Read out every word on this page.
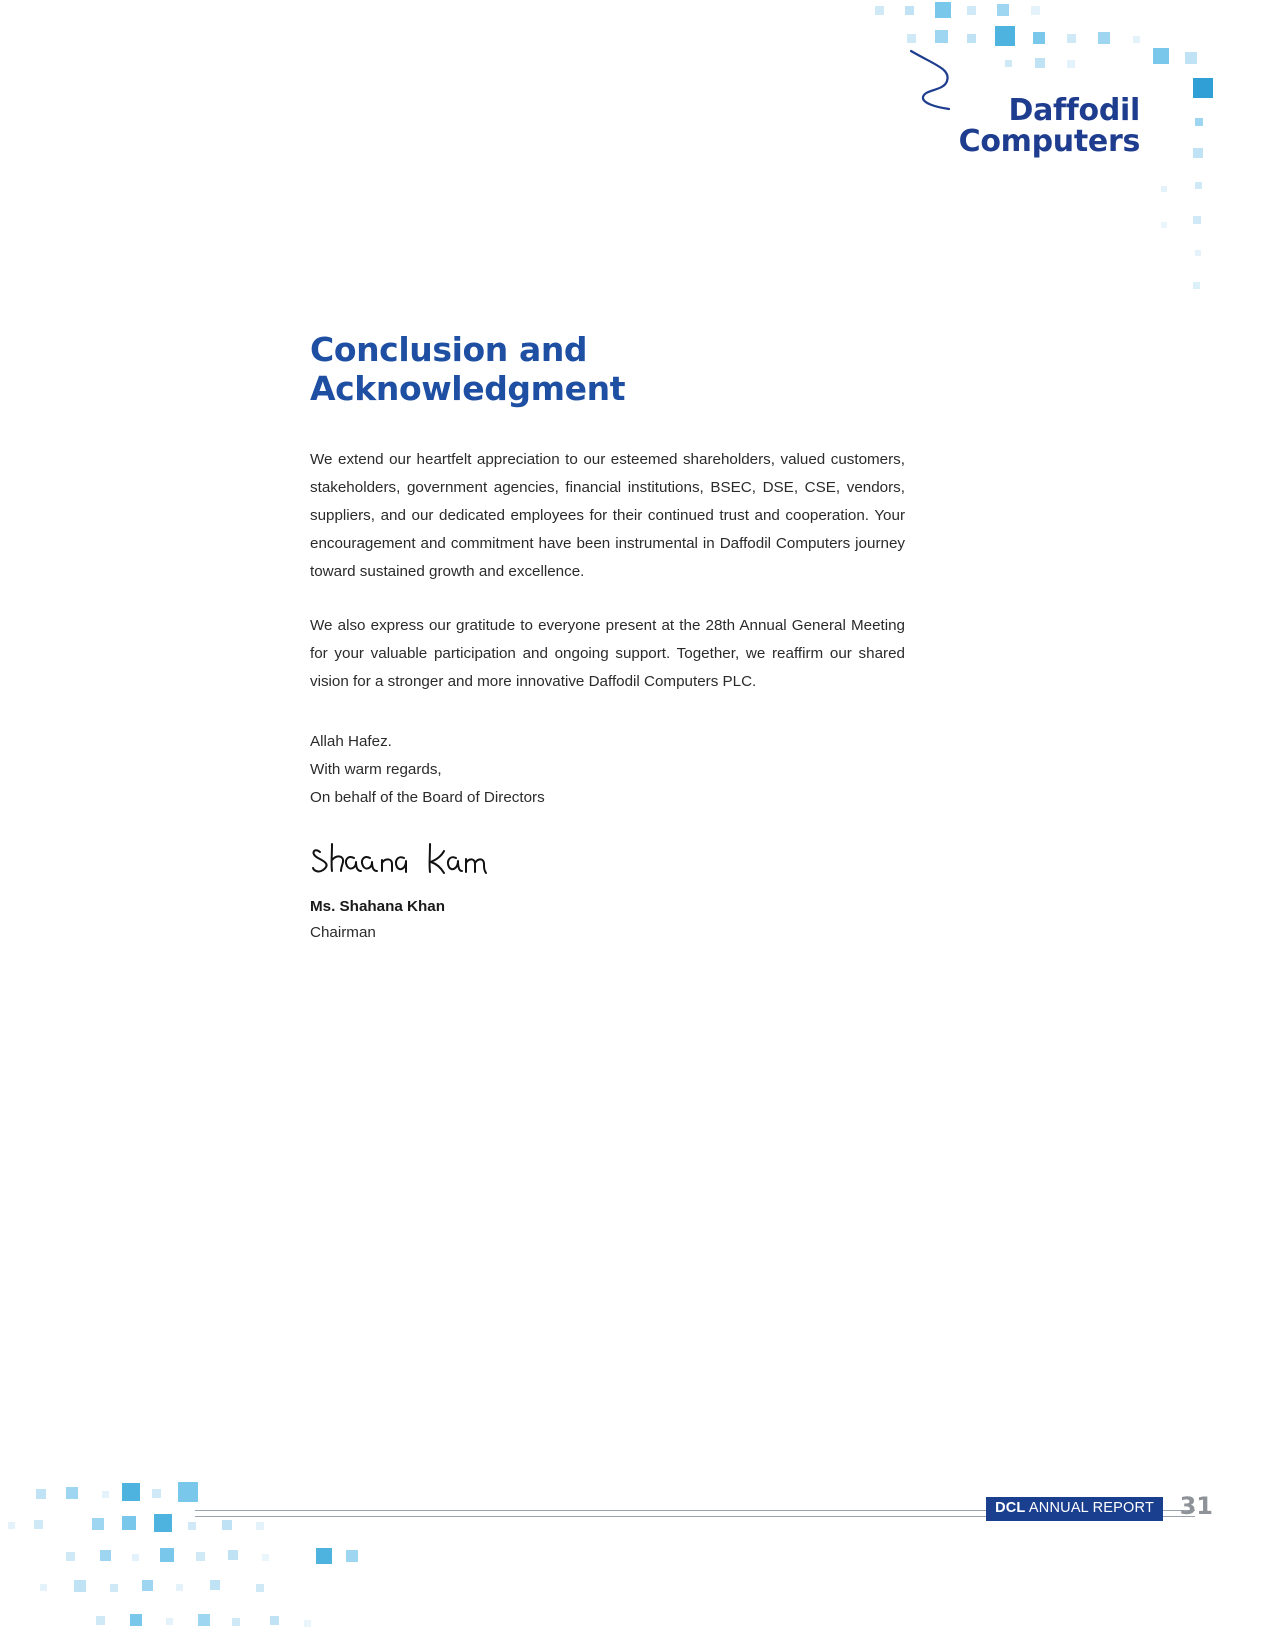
Daffodil
Computers
Conclusion and Acknowledgment

We extend our heartfelt appreciation to our esteemed shareholders, valued customers, stakeholders, government agencies, financial institutions, BSEC, DSE, CSE, vendors, suppliers, and our dedicated employees for their continued trust and cooperation. Your encouragement and commitment have been instrumental in Daffodil Computers journey toward sustained growth and excellence.

We also express our gratitude to everyone present at the 28th Annual General Meeting for your valuable participation and ongoing support. Together, we reaffirm our shared vision for a stronger and more innovative Daffodil Computers PLC.

Allah Hafez.
With warm regards,
On behalf of the Board of Directors
Ms. Shahana Khan
Chairman
DCL ANNUAL REPORT	31
